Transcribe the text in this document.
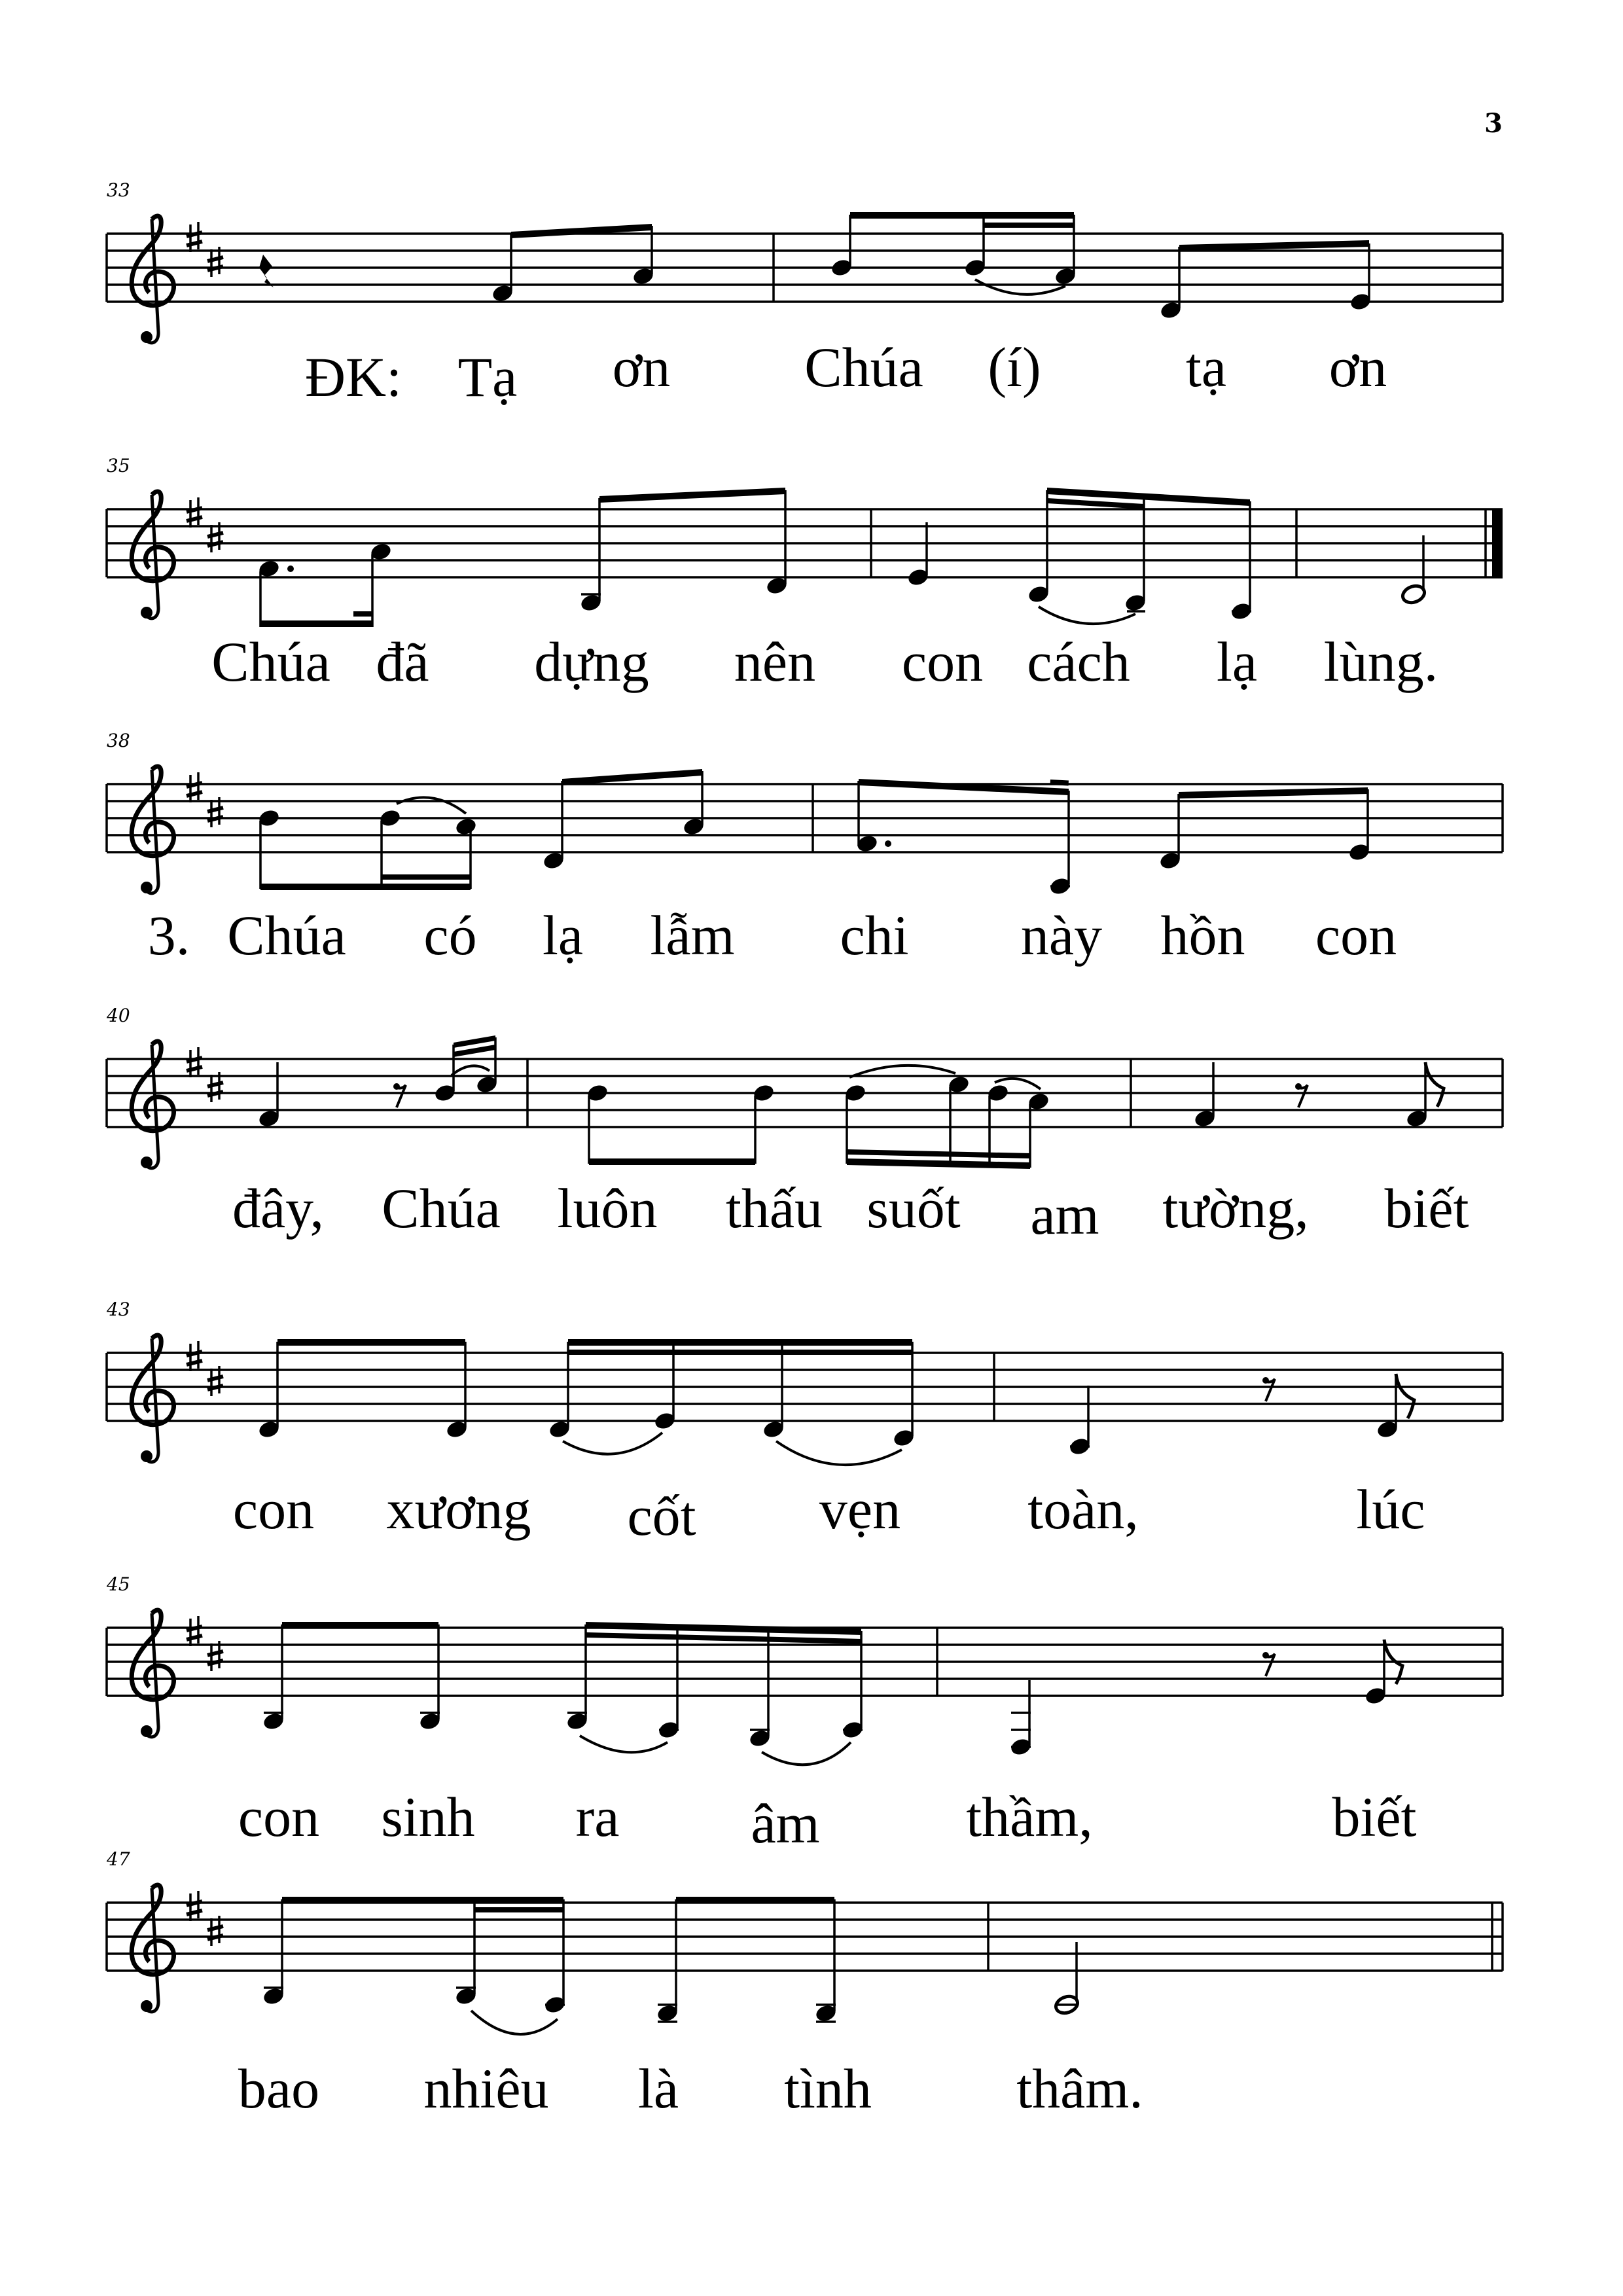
3
33
35
38
40
43
45
47
ĐK: Tạ ơn Chúa (í)	tạ ơn
Chúa đã dựng nên con cách lạ lùng.
3. Chúa có lạ lẫm chi này hồn con
đây, Chúa luôn thấu suốt am tường, biết
con xương cốt vẹn toàn,	lúc
con sinh ra âm	thầm,	biết
bao nhiêu là tình	thâm.
